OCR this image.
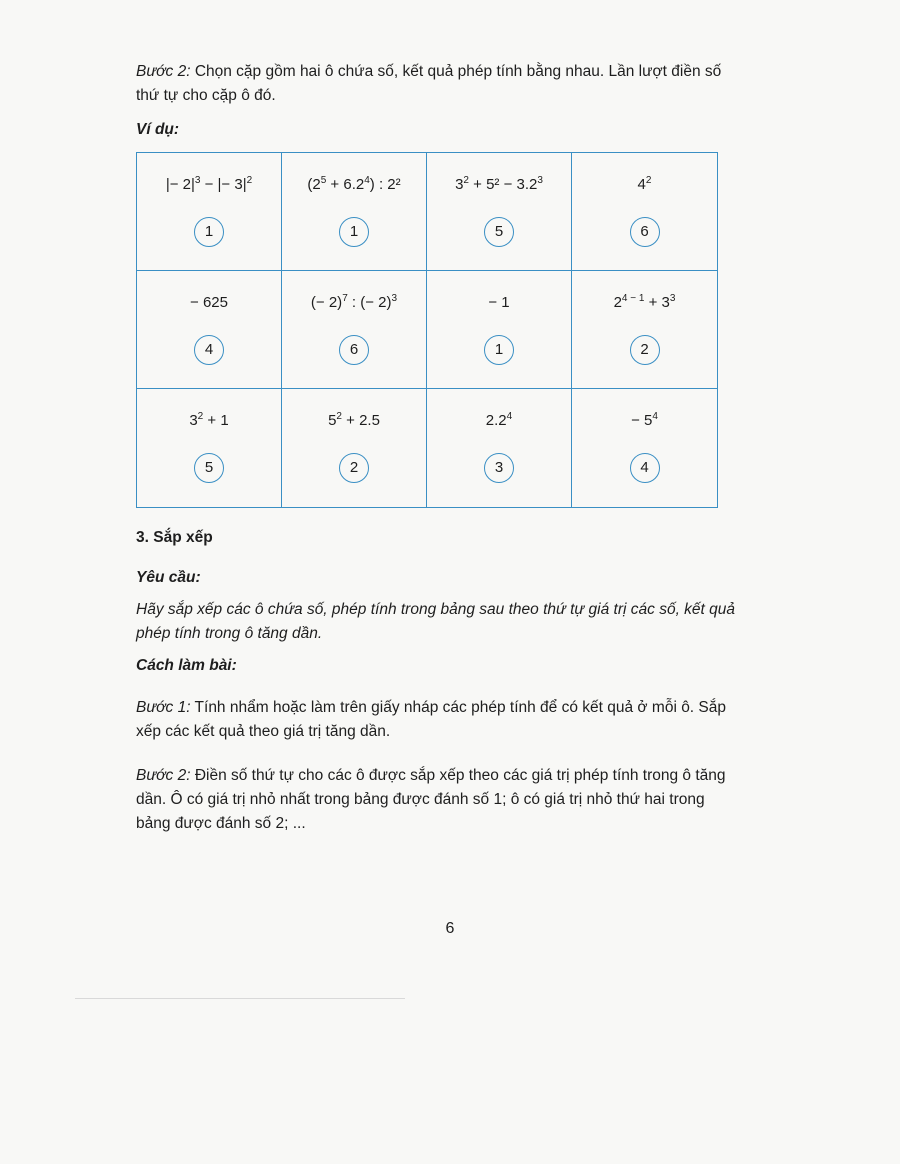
Bước 2: Chọn cặp gồm hai ô chứa số, kết quả phép tính bằng nhau. Lần lượt điền số thứ tự cho cặp ô đó.

Ví dụ:

|− $2|^3$ − |− $3|^2$
1
$(2^5 + 6.2^4)$ : 2²
1
$3^2 + 5^2 - 3.2^3$
5
$4^2$
6
− 625
4
(− 2)$^7$ : (− 2)$^3$
6
− 1
1
$2^{4 - 1} + 3^3$
2
$3^2 + 1$
5
$5^2 + 2.5$
2
$2.2^4$
3
− $5^4$
4

3. Sắp xếp

Yêu cầu:

Hãy sắp xếp các ô chứa số, phép tính trong bảng sau theo thứ tự giá trị các số, kết quả phép tính trong ô tăng dần.

Cách làm bài:

Bước 1: Tính nhẩm hoặc làm trên giấy nháp các phép tính để có kết quả ở mỗi ô. Sắp xếp các kết quả theo giá trị tăng dần.

Bước 2: Điền số thứ tự cho các ô được sắp xếp theo các giá trị phép tính trong ô tăng dần. Ô có giá trị nhỏ nhất trong bảng được đánh số 1; ô có giá trị nhỏ thứ hai trong bảng được đánh số 2; ...

6
